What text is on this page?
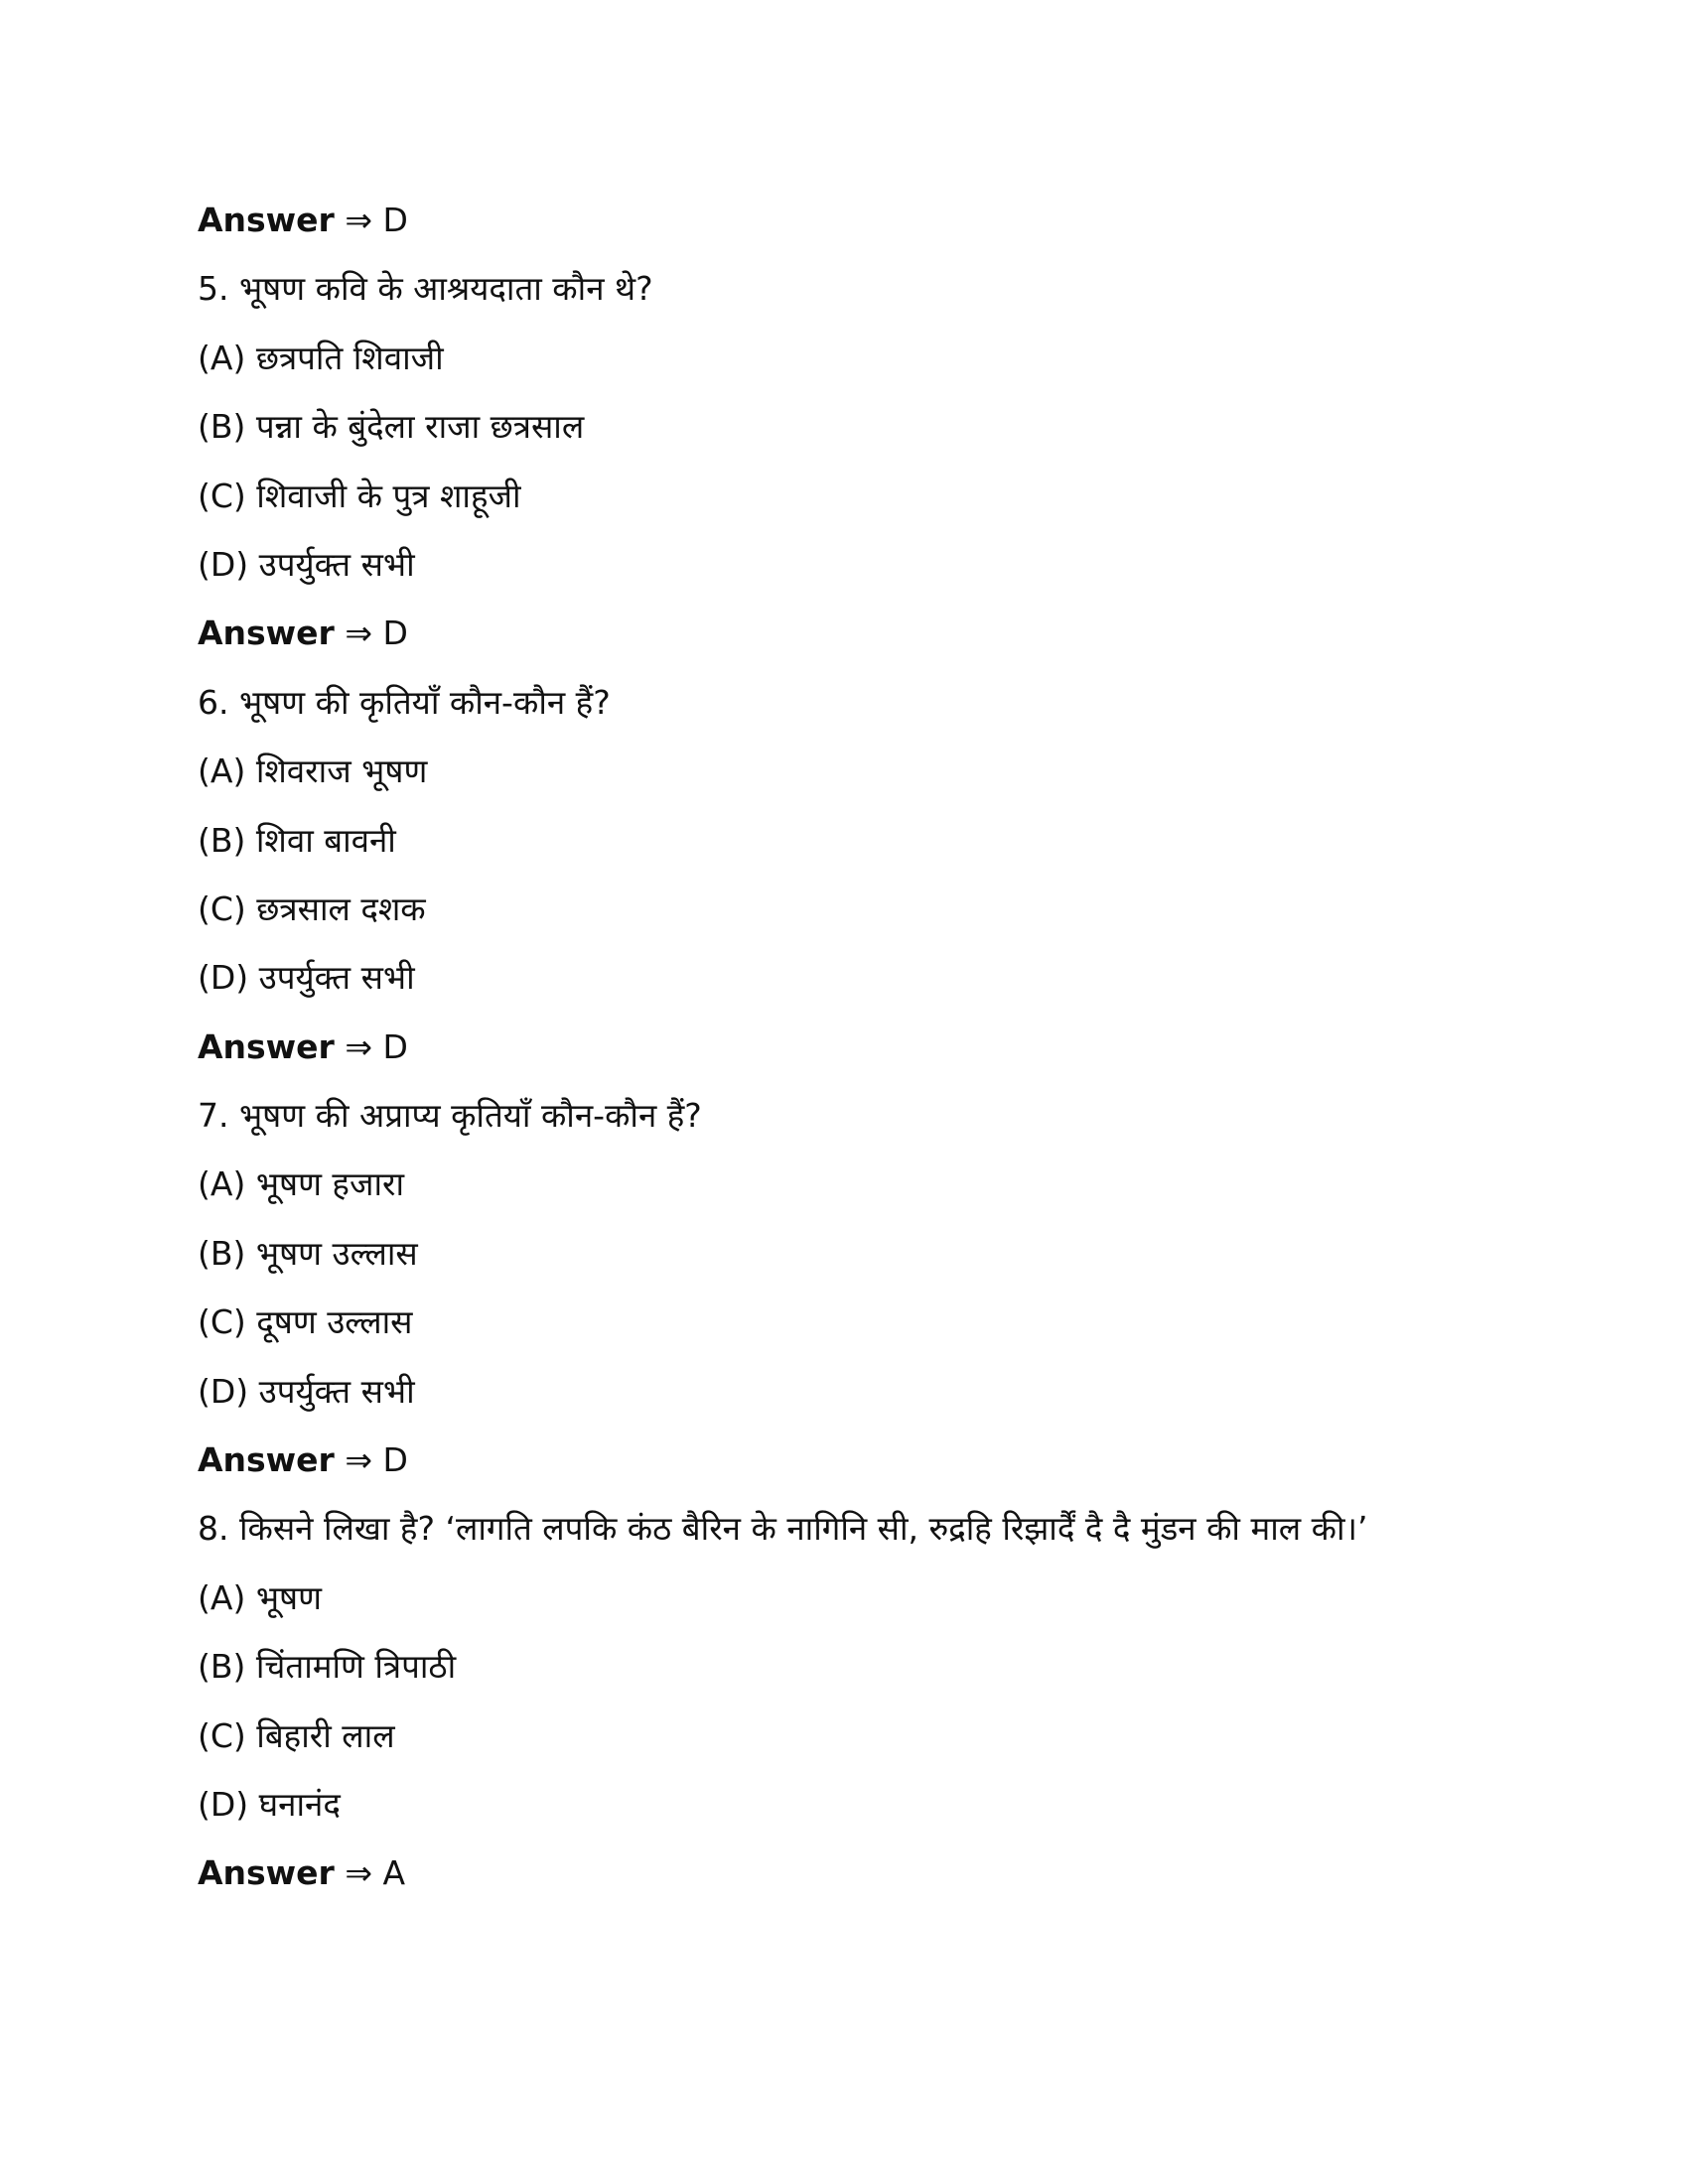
Answer ⇒ D
5. भूषण कवि के आश्रयदाता कौन थे?
(A) छत्रपति शिवाजी
(B) पन्ना के बुंदेला राजा छत्रसाल
(C) शिवाजी के पुत्र शाहूजी
(D) उपर्युक्त सभी
Answer ⇒ D
6. भूषण की कृतियाँ कौन-कौन हैं?
(A) शिवराज भूषण
(B) शिवा बावनी
(C) छत्रसाल दशक
(D) उपर्युक्त सभी
Answer ⇒ D
7. भूषण की अप्राप्य कृतियाँ कौन-कौन हैं?
(A) भूषण हजारा
(B) भूषण उल्लास
(C) दूषण उल्लास
(D) उपर्युक्त सभी
Answer ⇒ D
8. किसने लिखा है? ‘लागति लपकि कंठ बैरिन के नागिनि सी, रुद्रहि रिझार्दैं दै दै मुंडन की माल की।’
(A) भूषण
(B) चिंतामणि त्रिपाठी
(C) बिहारी लाल
(D) घनानंद
Answer ⇒ A
